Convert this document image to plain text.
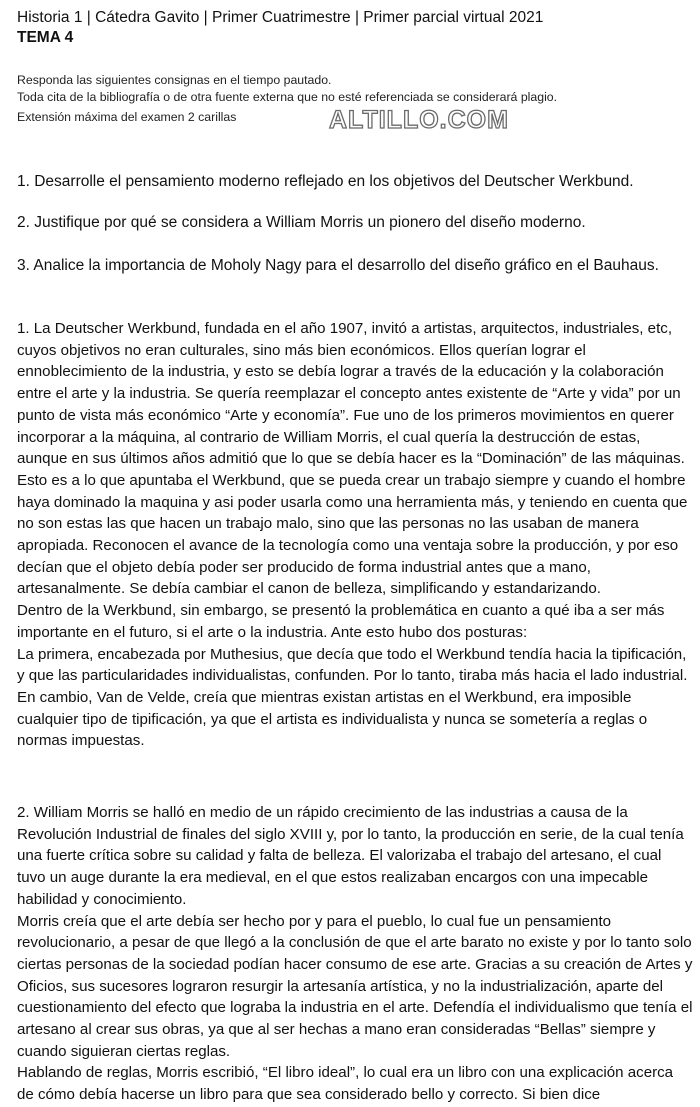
Historia 1 | Cátedra Gavito | Primer Cuatrimestre | Primer parcial virtual 2021
TEMA 4
Responda las siguientes consignas en el tiempo pautado.
Toda cita de la bibliografía o de otra fuente externa que no esté referenciada se considerará plagio.
Extensión máxima del examen 2 carillas	ALTILLO.COM
1. Desarrolle el pensamiento moderno reflejado en los objetivos del Deutscher Werkbund.
2. Justifique por qué se considera a William Morris un pionero del diseño moderno.
3. Analice la importancia de Moholy Nagy para el desarrollo del diseño gráfico en el Bauhaus.

1. La Deutscher Werkbund, fundada en el año 1907, invitó a artistas, arquitectos, industriales, etc, cuyos objetivos no eran culturales, sino más bien económicos. Ellos querían lograr el ennoblecimiento de la industria, y esto se debía lograr a través de la educación y la colaboración entre el arte y la industria. Se quería reemplazar el concepto antes existente de “Arte y vida” por un punto de vista más económico “Arte y economía”. Fue uno de los primeros movimientos en querer incorporar a la máquina, al contrario de William Morris, el cual quería la destrucción de estas, aunque en sus últimos años admitió que lo que se debía hacer es la “Dominación” de las máquinas. Esto es a lo que apuntaba el Werkbund, que se pueda crear un trabajo siempre y cuando el hombre haya dominado la maquina y asi poder usarla como una herramienta más, y teniendo en cuenta que no son estas las que hacen un trabajo malo, sino que las personas no las usaban de manera apropiada. Reconocen el avance de la tecnología como una ventaja sobre la producción, y por eso decían que el objeto debía poder ser producido de forma industrial antes que a mano, artesanalmente. Se debía cambiar el canon de belleza, simplificando y estandarizando.

Dentro de la Werkbund, sin embargo, se presentó la problemática en cuanto a qué iba a ser más importante en el futuro, si el arte o la industria. Ante esto hubo dos posturas:

La primera, encabezada por Muthesius, que decía que todo el Werkbund tendía hacia la tipificación, y que las particularidades individualistas, confunden. Por lo tanto, tiraba más hacia el lado industrial. En cambio, Van de Velde, creía que mientras existan artistas en el Werkbund, era imposible cualquier tipo de tipificación, ya que el artista es individualista y nunca se sometería a reglas o normas impuestas.

2. William Morris se halló en medio de un rápido crecimiento de las industrias a causa de la Revolución Industrial de finales del siglo XVIII y, por lo tanto, la producción en serie, de la cual tenía una fuerte crítica sobre su calidad y falta de belleza. El valorizaba el trabajo del artesano, el cual tuvo un auge durante la era medieval, en el que estos realizaban encargos con una impecable habilidad y conocimiento.

Morris creía que el arte debía ser hecho por y para el pueblo, lo cual fue un pensamiento revolucionario, a pesar de que llegó a la conclusión de que el arte barato no existe y por lo tanto solo ciertas personas de la sociedad podían hacer consumo de ese arte. Gracias a su creación de Artes y Oficios, sus sucesores lograron resurgir la artesanía artística, y no la industrialización, aparte del cuestionamiento del efecto que lograba la industria en el arte. Defendía el individualismo que tenía el artesano al crear sus obras, ya que al ser hechas a mano eran consideradas “Bellas” siempre y cuando siguieran ciertas reglas.

Hablando de reglas, Morris escribió, “El libro ideal”, lo cual era un libro con una explicación acerca de cómo debía hacerse un libro para que sea considerado bello y correcto. Si bien dice
